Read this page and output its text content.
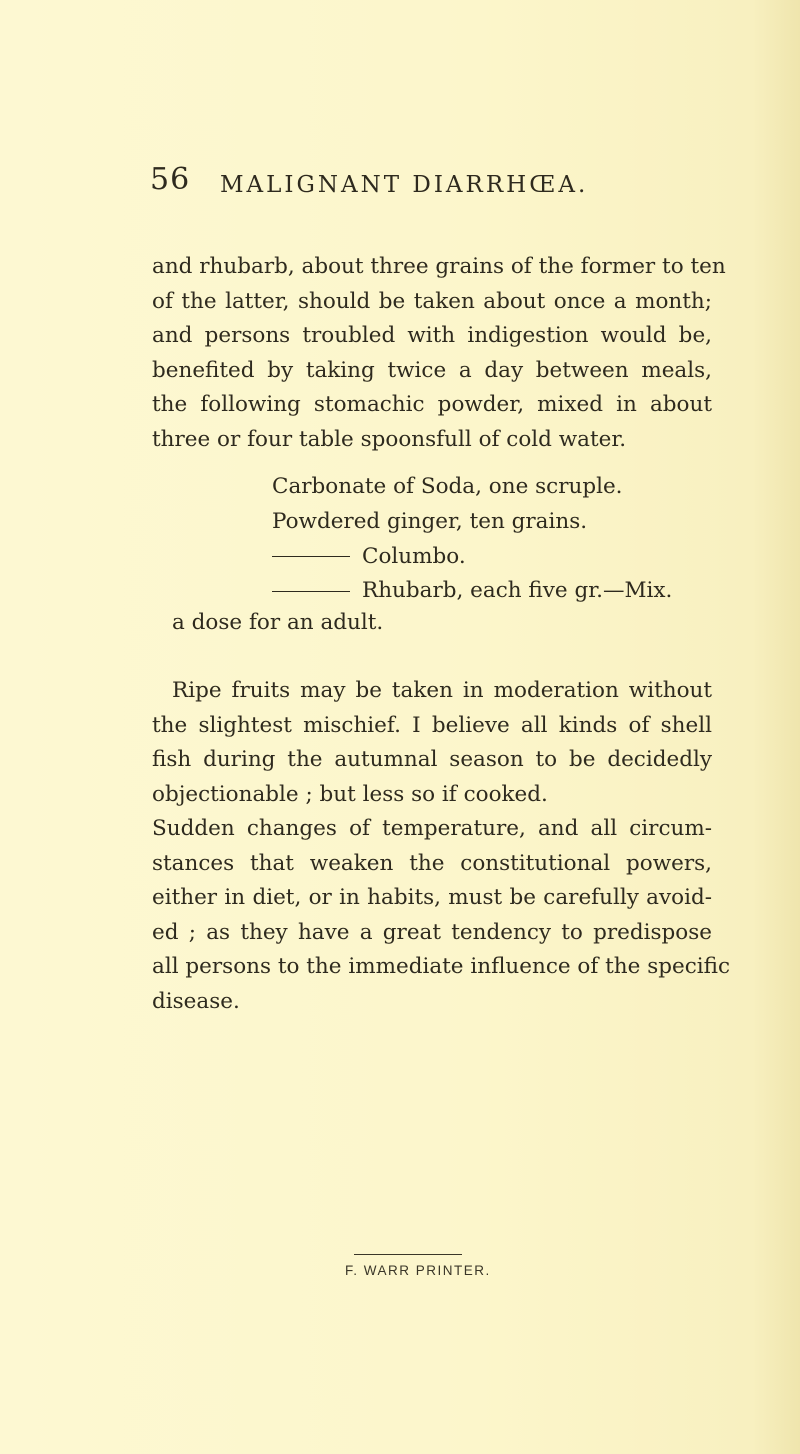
56 MALIGNANT DIARRHŒA.
and rhubarb, about three grains of the former to ten
of the latter, should be taken about once a month;
and persons troubled with indigestion would be,
benefited by taking twice a day between meals,
the following stomachic powder, mixed in about
three or four table spoonsfull of cold water.
Carbonate of Soda, one scruple.
Powdered ginger, ten grains.
Columbo.
Rhubarb, each five gr.—Mix.
a dose for an adult.
Ripe fruits may be taken in moderation without
the slightest mischief. I believe all kinds of shell
fish during the autumnal season to be decidedly
objectionable ; but less so if cooked.
Sudden changes of temperature, and all circum-
stances that weaken the constitutional powers,
either in diet, or in habits, must be carefully avoid-
ed ; as they have a great tendency to predispose
all persons to the immediate influence of the specific
disease.
F. WARR PRINTER.
